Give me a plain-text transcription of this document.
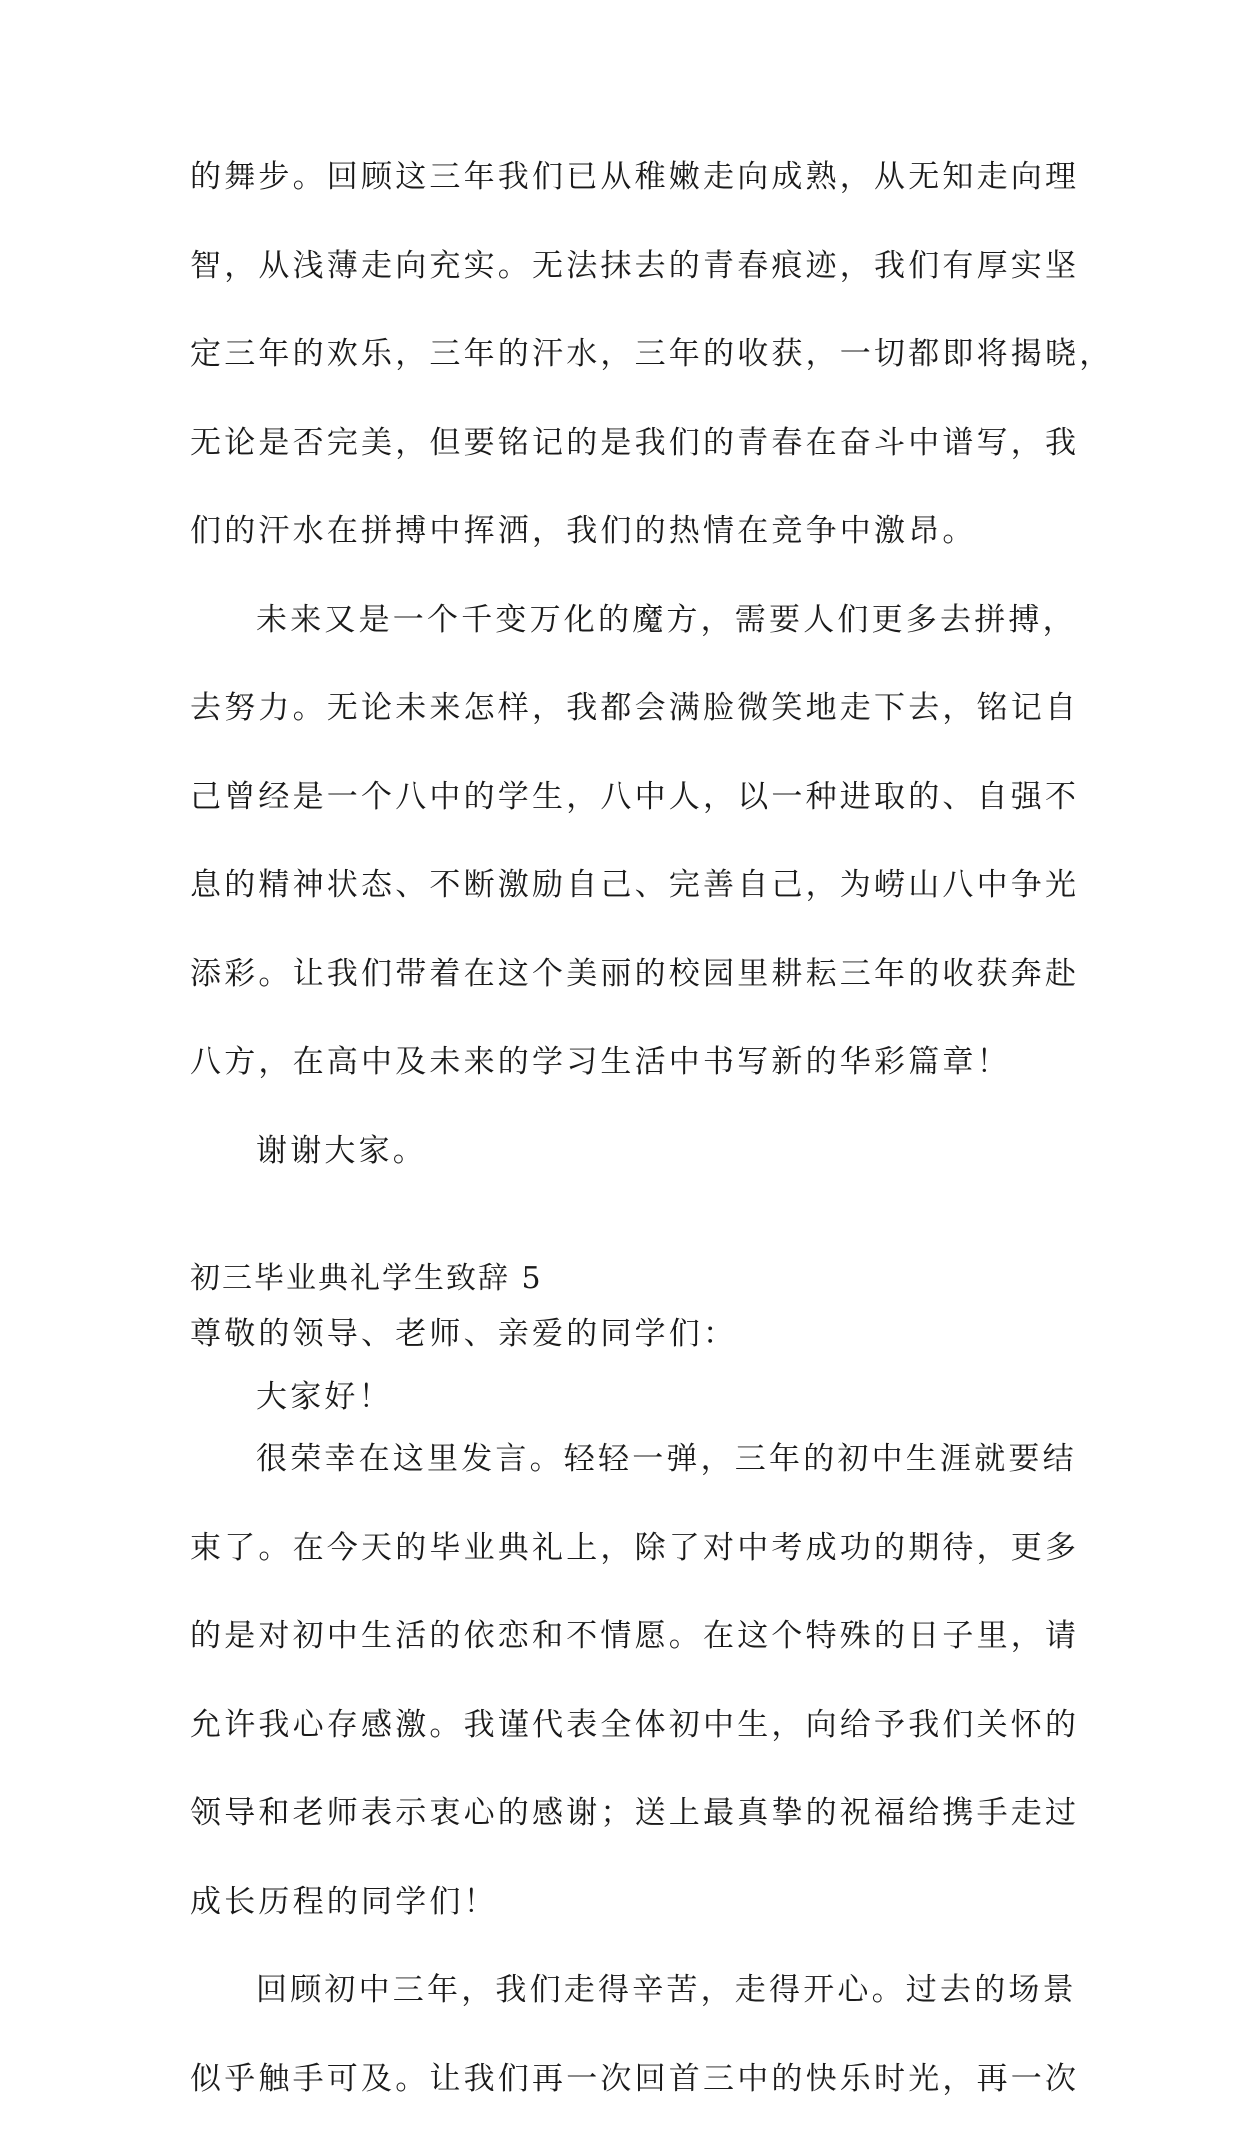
的舞步。回顾这三年我们已从稚嫩走向成熟，从无知走向理
智，从浅薄走向充实。无法抹去的青春痕迹，我们有厚实坚
定三年的欢乐，三年的汗水，三年的收获，一切都即将揭晓，
无论是否完美，但要铭记的是我们的青春在奋斗中谱写，我
们的汗水在拼搏中挥洒，我们的热情在竞争中激昂。
未来又是一个千变万化的魔方，需要人们更多去拼搏，
去努力。无论未来怎样，我都会满脸微笑地走下去，铭记自
己曾经是一个八中的学生，八中人，以一种进取的、自强不
息的精神状态、不断激励自己、完善自己，为崂山八中争光
添彩。让我们带着在这个美丽的校园里耕耘三年的收获奔赴
八方，在高中及未来的学习生活中书写新的华彩篇章！
谢谢大家。
初三毕业典礼学生致辞 5
尊敬的领导、老师、亲爱的同学们：
大家好！
很荣幸在这里发言。轻轻一弹，三年的初中生涯就要结
束了。在今天的毕业典礼上，除了对中考成功的期待，更多
的是对初中生活的依恋和不情愿。在这个特殊的日子里，请
允许我心存感激。我谨代表全体初中生，向给予我们关怀的
领导和老师表示衷心的感谢；送上最真挚的祝福给携手走过
成长历程的同学们！
回顾初中三年，我们走得辛苦，走得开心。过去的场景
似乎触手可及。让我们再一次回首三中的快乐时光，再一次
